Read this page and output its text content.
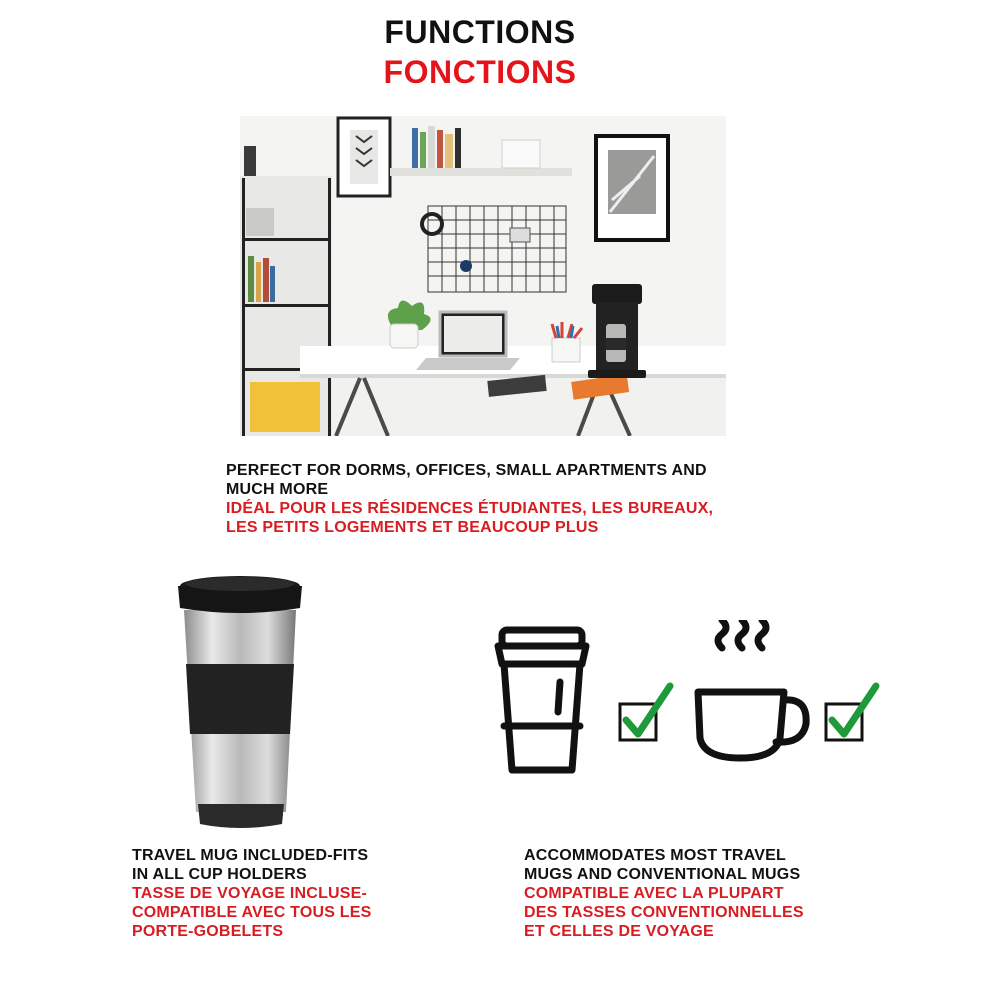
FUNCTIONS
FONCTIONS
PERFECT FOR DORMS, OFFICES, SMALL APARTMENTS AND
MUCH MORE
IDÉAL POUR LES RÉSIDENCES ÉTUDIANTES, LES BUREAUX,
LES PETITS LOGEMENTS ET BEAUCOUP PLUS
TRAVEL MUG INCLUDED-FITS
IN ALL CUP HOLDERS
TASSE DE VOYAGE INCLUSE-
COMPATIBLE AVEC TOUS LES
PORTE-GOBELETS
ACCOMMODATES MOST TRAVEL
MUGS AND CONVENTIONAL MUGS
COMPATIBLE AVEC LA PLUPART
DES TASSES CONVENTIONNELLES
ET CELLES DE VOYAGE
